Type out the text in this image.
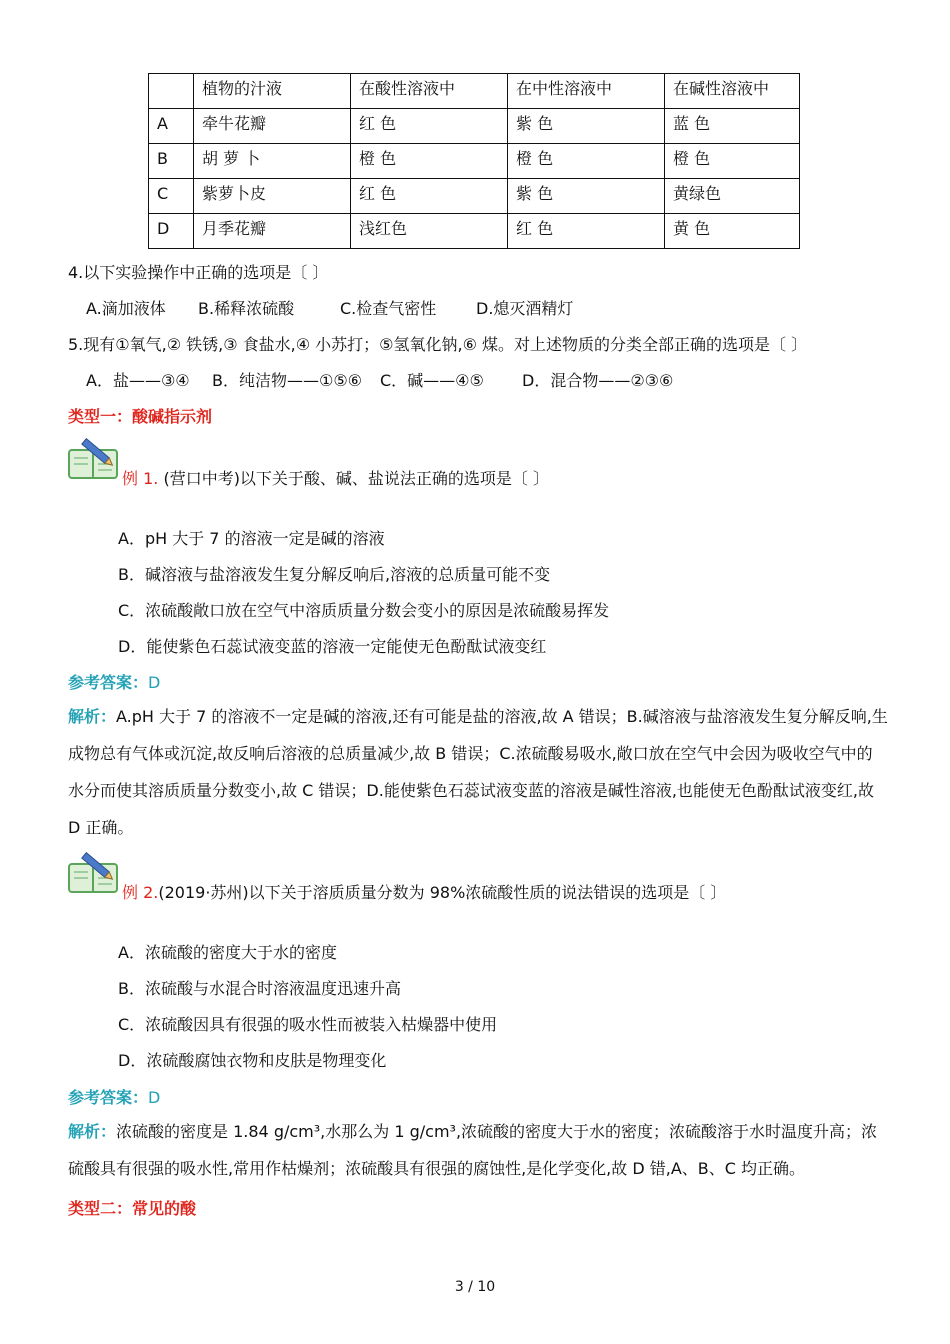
	植物的汁液	在酸性溶液中	在中性溶液中	在碱性溶液中
A	牵牛花瓣	红 色	紫 色	蓝 色
B	胡 萝 卜	橙 色	橙 色	橙 色
C	紫萝卜皮	红 色	紫 色	黄绿色
D	月季花瓣	浅红色	红 色	黄 色
4.以下实验操作中正确的选项是〔 〕
A.滴加液体 B.稀释浓硫酸	C.检查气密性 D.熄灭酒精灯
5.现有①氧气,② 铁锈,③ 食盐水,④ 小苏打；⑤氢氧化钠,⑥ 煤。对上述物质的分类全部正确的选项是〔 〕
A．盐——③④ B．纯洁物——①⑤⑥ C．碱——④⑤ D．混合物——②③⑥
类型一：酸碱指示剂
例 1. (营口中考)以下关于酸、碱、盐说法正确的选项是〔 〕
A．pH 大于 7 的溶液一定是碱的溶液
B．碱溶液与盐溶液发生复分解反响后,溶液的总质量可能不变
C．浓硫酸敞口放在空气中溶质质量分数会变小的原因是浓硫酸易挥发
D．能使紫色石蕊试液变蓝的溶液一定能使无色酚酞试液变红
参考答案：D
解析：A.pH 大于 7 的溶液不一定是碱的溶液,还有可能是盐的溶液,故 A 错误；B.碱溶液与盐溶液发生复分解反响,生成物总有气体或沉淀,故反响后溶液的总质量减少,故 B 错误；C.浓硫酸易吸水,敞口放在空气中会因为吸收空气中的水分而使其溶质质量分数变小,故 C 错误；D.能使紫色石蕊试液变蓝的溶液是碱性溶液,也能使无色酚酞试液变红,故 D 正确。
例 2.(2019·苏州)以下关于溶质质量分数为 98%浓硫酸性质的说法错误的选项是〔 〕
A．浓硫酸的密度大于水的密度
B．浓硫酸与水混合时溶液温度迅速升高
C．浓硫酸因具有很强的吸水性而被装入枯燥器中使用
D．浓硫酸腐蚀衣物和皮肤是物理变化
参考答案：D
解析：浓硫酸的密度是 1.84 g/cm³,水那么为 1 g/cm³,浓硫酸的密度大于水的密度；浓硫酸溶于水时温度升高；浓硫酸具有很强的吸水性,常用作枯燥剂；浓硫酸具有很强的腐蚀性,是化学变化,故 D 错,A、B、C 均正确。
类型二：常见的酸
3 / 10
